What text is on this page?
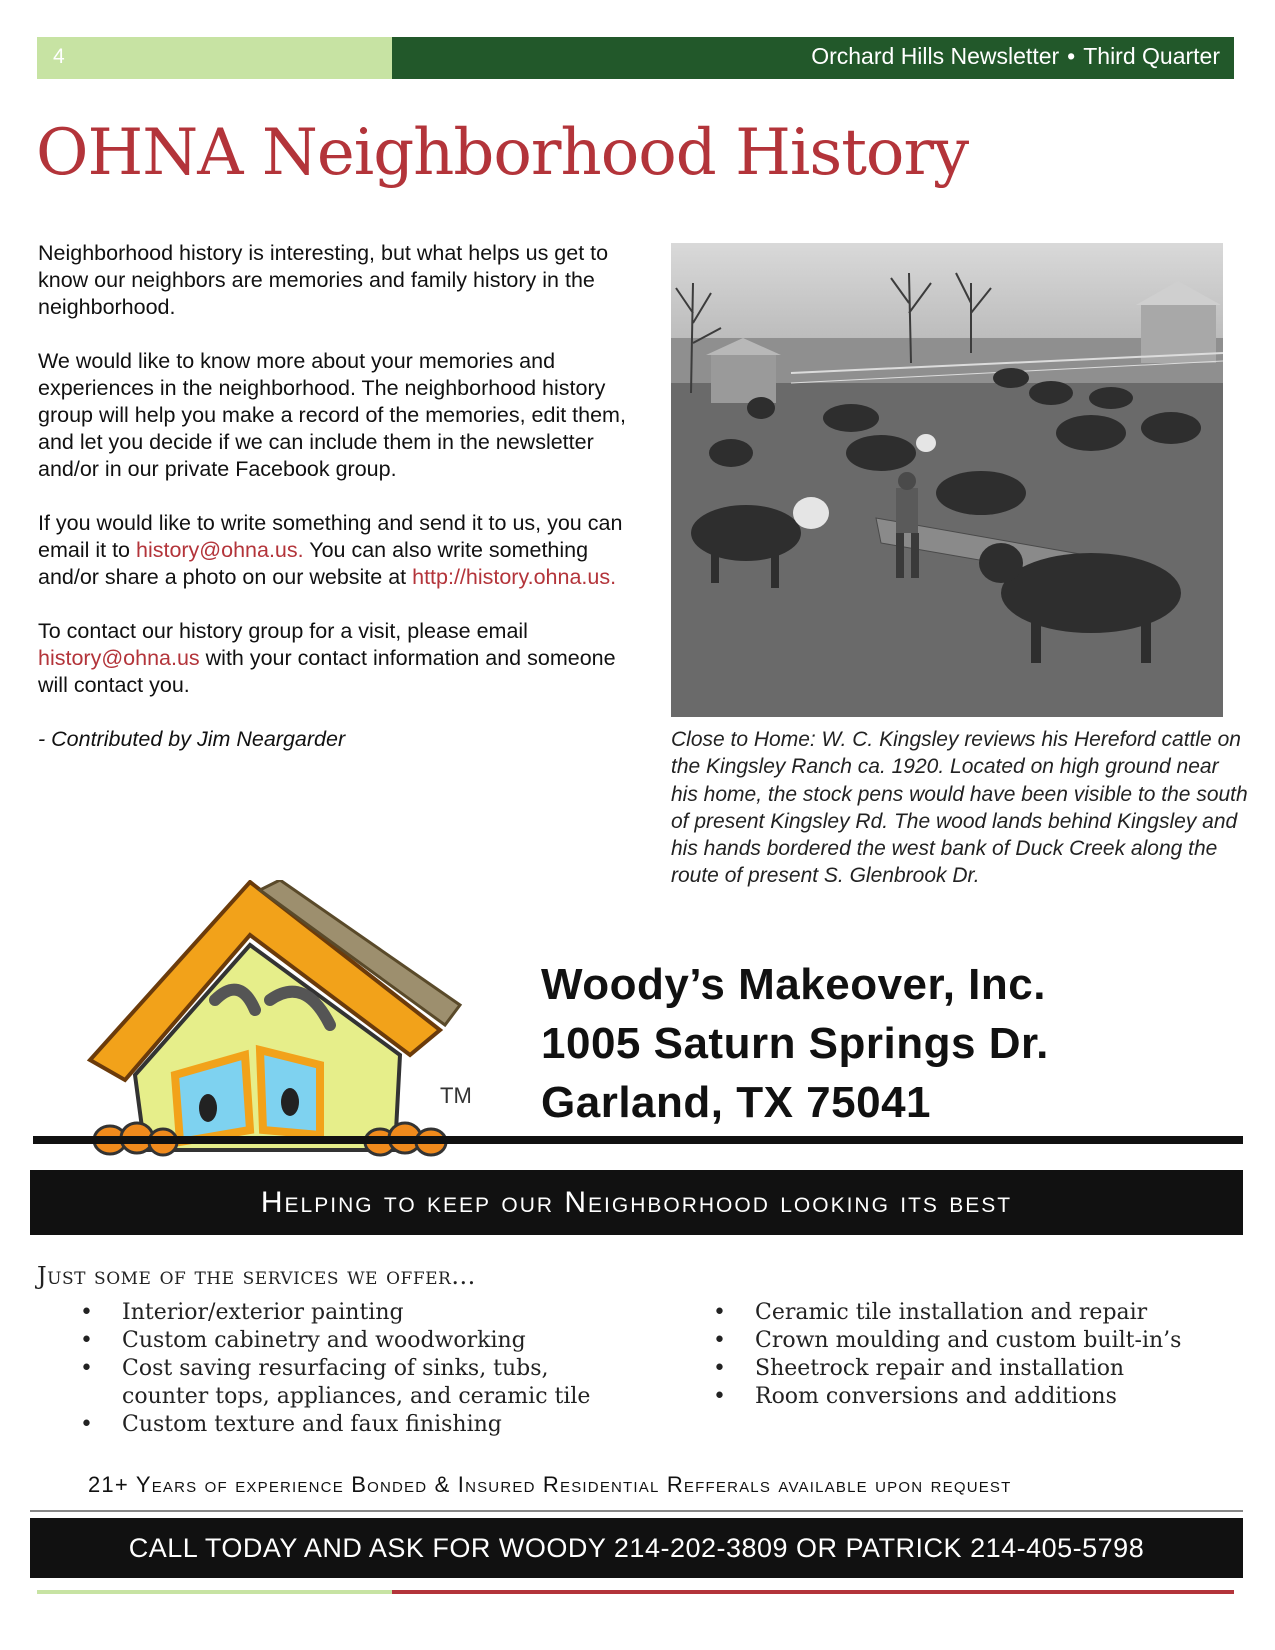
4	Orchard Hills Newsletter • Third Quarter
OHNA Neighborhood History

Neighborhood history is interesting, but what helps us get to know our neighbors are memories and family history in the neighborhood.

We would like to know more about your memories and experiences in the neighborhood. The neighborhood history group will help you make a record of the memories, edit them, and let you decide if we can include them in the newsletter and/or in our private Facebook group.

If you would like to write something and send it to us, you can email it to history@ohna.us. You can also write something and/or share a photo on our website at http://history.ohna.us.

To contact our history group for a visit, please email history@ohna.us with your contact information and someone will contact you.

- Contributed by Jim Neargarder	Close to Home: W. C. Kingsley reviews his Hereford cattle on the Kingsley Ranch ca. 1920. Located on high ground near his home, the stock pens would have been visible to the south of present Kingsley Rd. The wood lands behind Kingsley and his hands bordered the west bank of Duck Creek along the route of present S. Glenbrook Dr.
TM
Woody’s Makeover, Inc.
1005 Saturn Springs Dr.
Garland, TX 75041
Helping to keep our Neighborhood looking its best
Just some of the services we offer...
• Interior/exterior painting
• Custom cabinetry and woodworking
• Cost saving resurfacing of sinks, tubs, counter tops, appliances, and ceramic tile
• Custom texture and faux finishing
• Ceramic tile installation and repair
• Crown moulding and custom built-in’s
• Sheetrock repair and installation
• Room conversions and additions
21+ Years of experience Bonded & Insured Residential Refferals available upon request
CALL TODAY AND ASK FOR WOODY 214-202-3809 OR PATRICK 214-405-5798
